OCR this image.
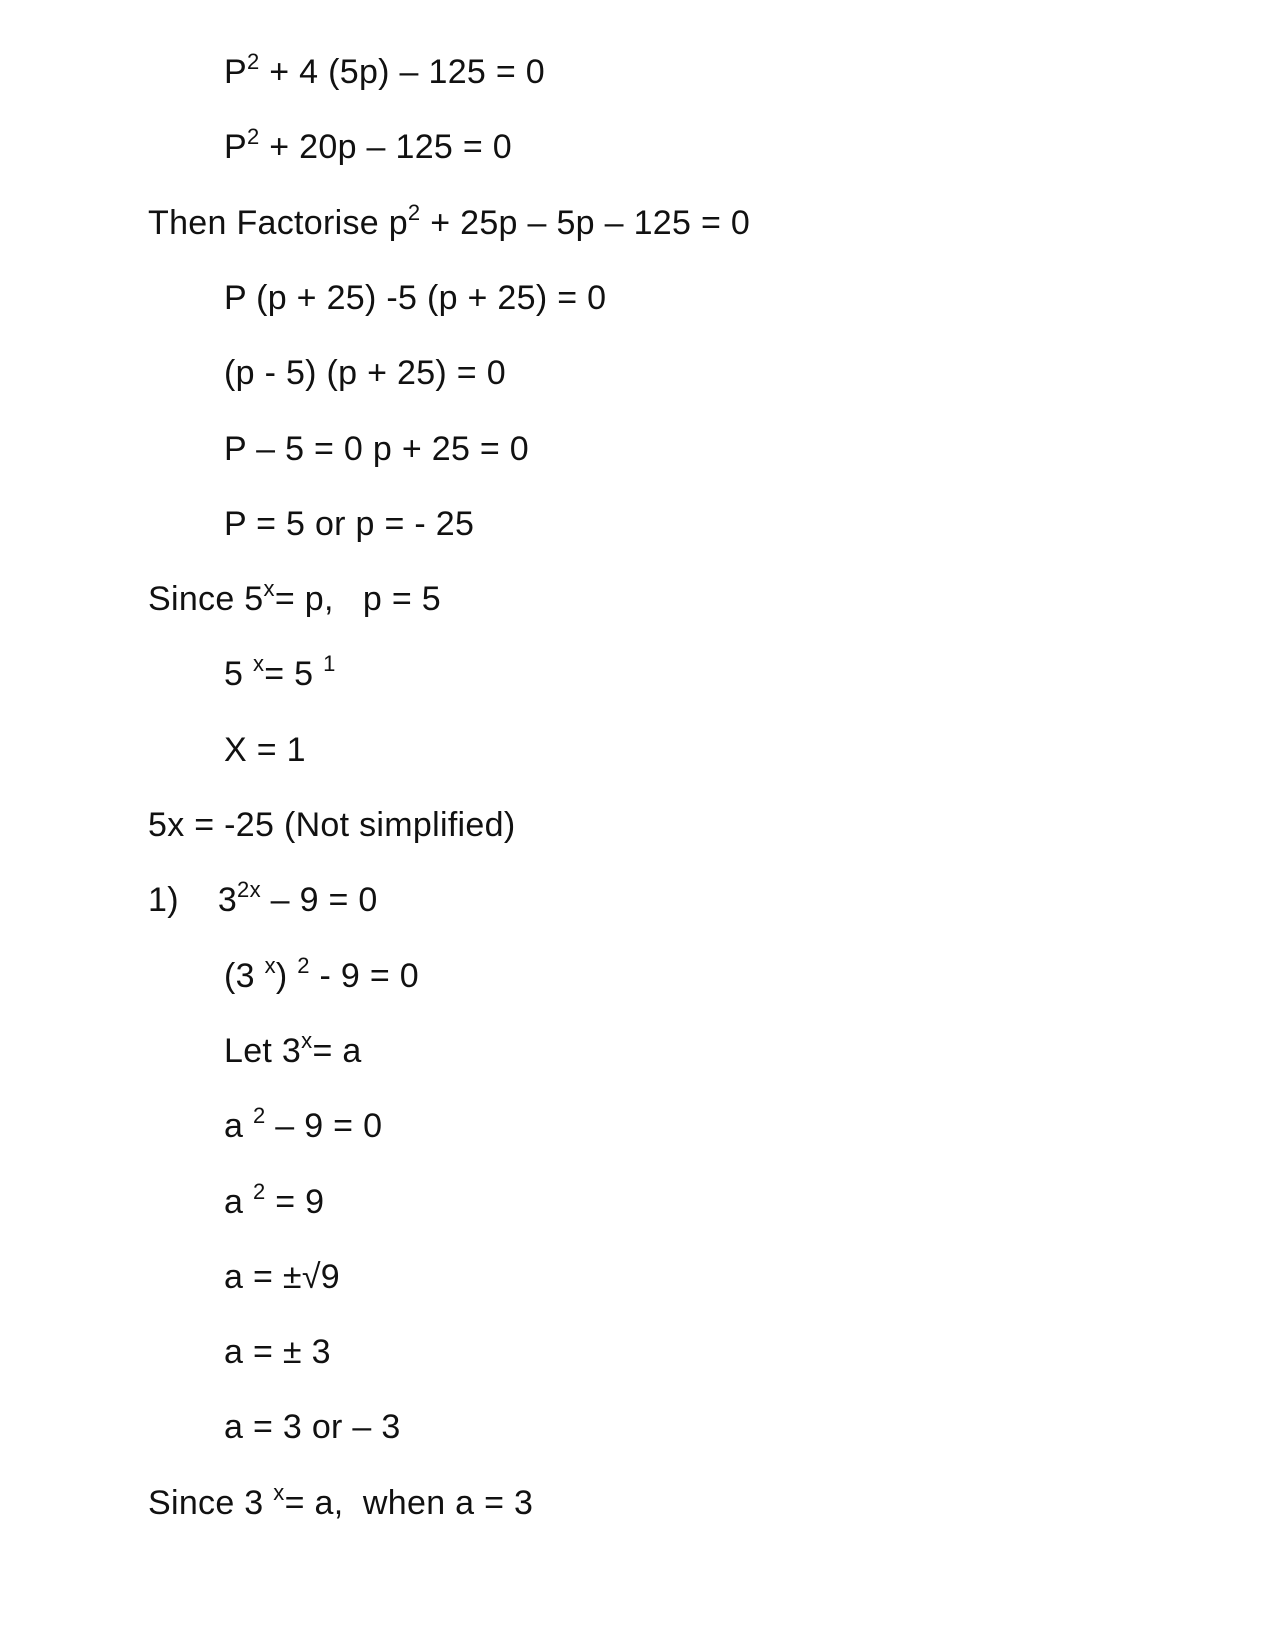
$P^2 + 4$ (5p) – 125 = 0
$P^2 + 20p - 125 = 0$
Then Factorise $p^2 + 25p - 5p - 125 = 0$
P (p + 25) -5 (p + 25) = 0
(p - 5) (p + 25) = 0
P – 5 = 0 p + 25 = 0
P = 5 or p = - 25
Since $5^x= p$,   p = 5
5 $^x$= 5 $^1$
X = 1
5x = -25 (Not simplified)
1)    $3^{2x} - 9 = 0$
(3 $^x$) $^2$ - 9 = 0
Let $3^x= a$
a $^2$ – 9 = 0
a $^2$ = 9
a = ±√9
a = ± 3
a = 3 or – 3
Since 3 $^x$= a,  when a = 3
